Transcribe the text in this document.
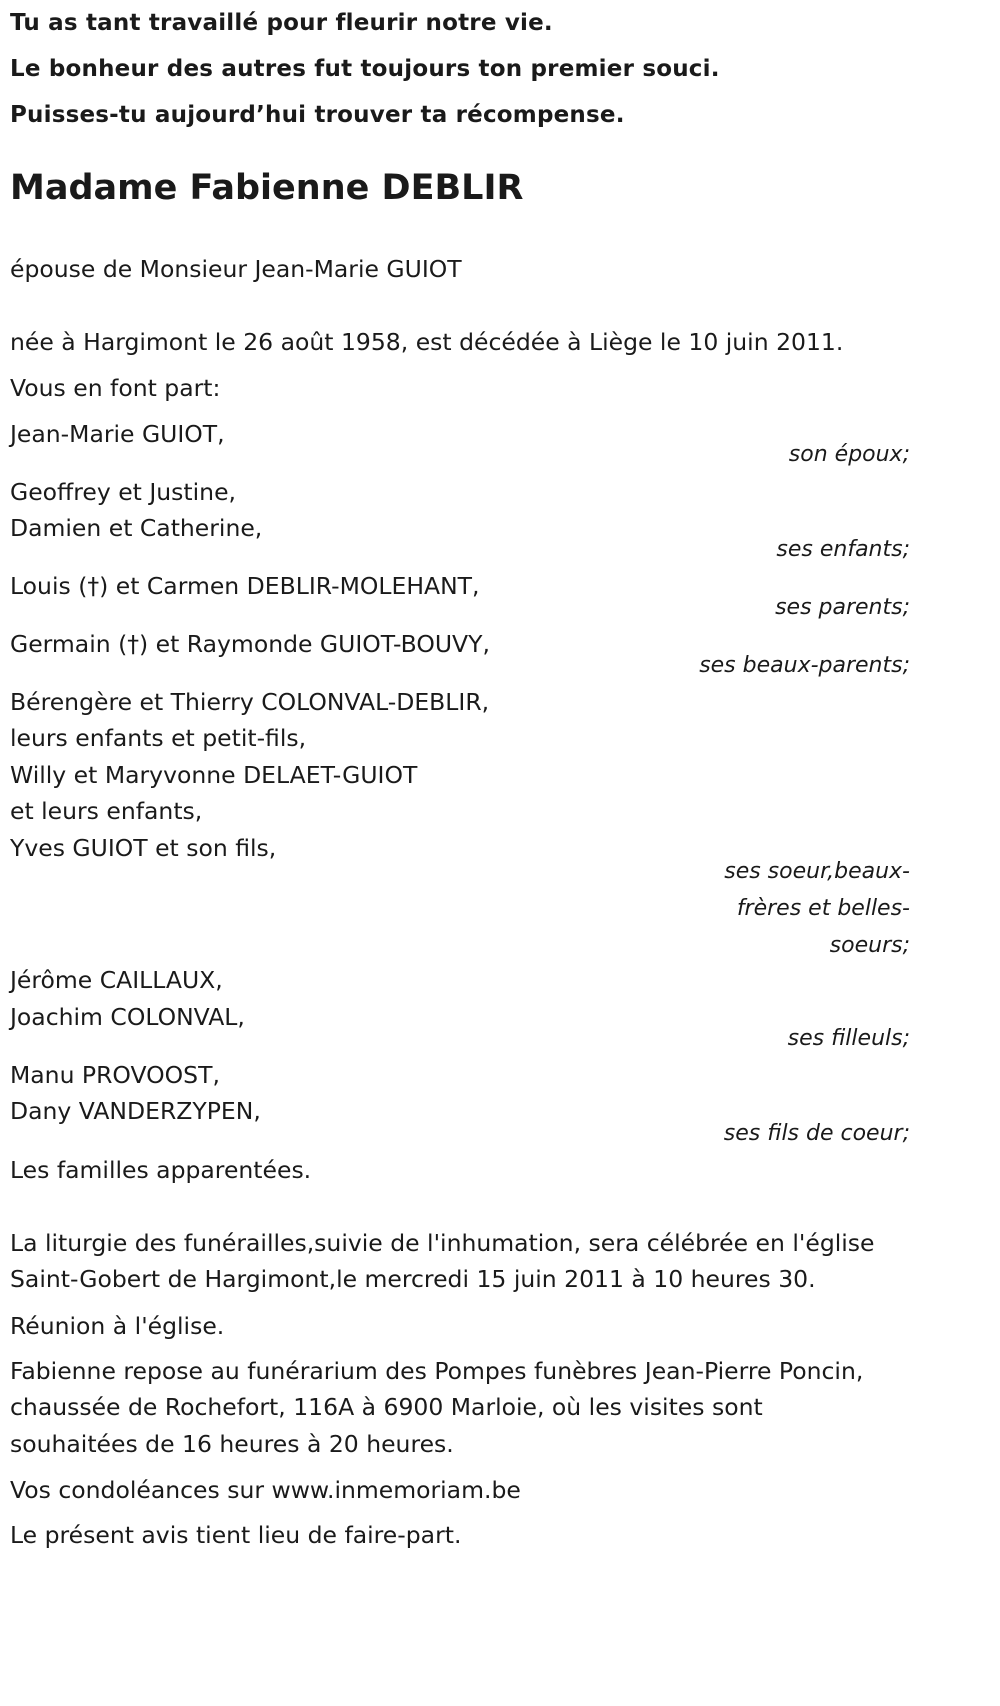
Tu as tant travaillé pour fleurir notre vie.
Le bonheur des autres fut toujours ton premier souci.
Puisses-tu aujourd’hui trouver ta récompense.
Madame Fabienne DEBLIR
épouse de Monsieur Jean-Marie GUIOT
née à Hargimont le 26 août 1958, est décédée à Liège le 10 juin 2011.
Vous en font part:
Jean-Marie GUIOT,
son époux;
Geoffrey et Justine,
Damien et Catherine,
ses enfants;
Louis (†) et Carmen DEBLIR-MOLEHANT,
ses parents;
Germain (†) et Raymonde GUIOT-BOUVY,
ses beaux-parents;
Bérengère et Thierry COLONVAL-DEBLIR,
leurs enfants et petit-fils,
Willy et Maryvonne DELAET-GUIOT
et leurs enfants,
Yves GUIOT et son fils,
ses soeur,beaux-frères et belles-soeurs;
Jérôme CAILLAUX,
Joachim COLONVAL,
ses filleuls;
Manu PROVOOST,
Dany VANDERZYPEN,
ses fils de coeur;
Les familles apparentées.
La liturgie des funérailles,suivie de l'inhumation, sera célébrée en l'église
Saint-Gobert de Hargimont,le mercredi 15 juin 2011 à 10 heures 30.
Réunion à l'église.
Fabienne repose au funérarium des Pompes funèbres Jean-Pierre Poncin,
chaussée de Rochefort, 116A à 6900 Marloie, où les visites sont
souhaitées de 16 heures à 20 heures.
Vos condoléances sur www.inmemoriam.be
Le présent avis tient lieu de faire-part.
